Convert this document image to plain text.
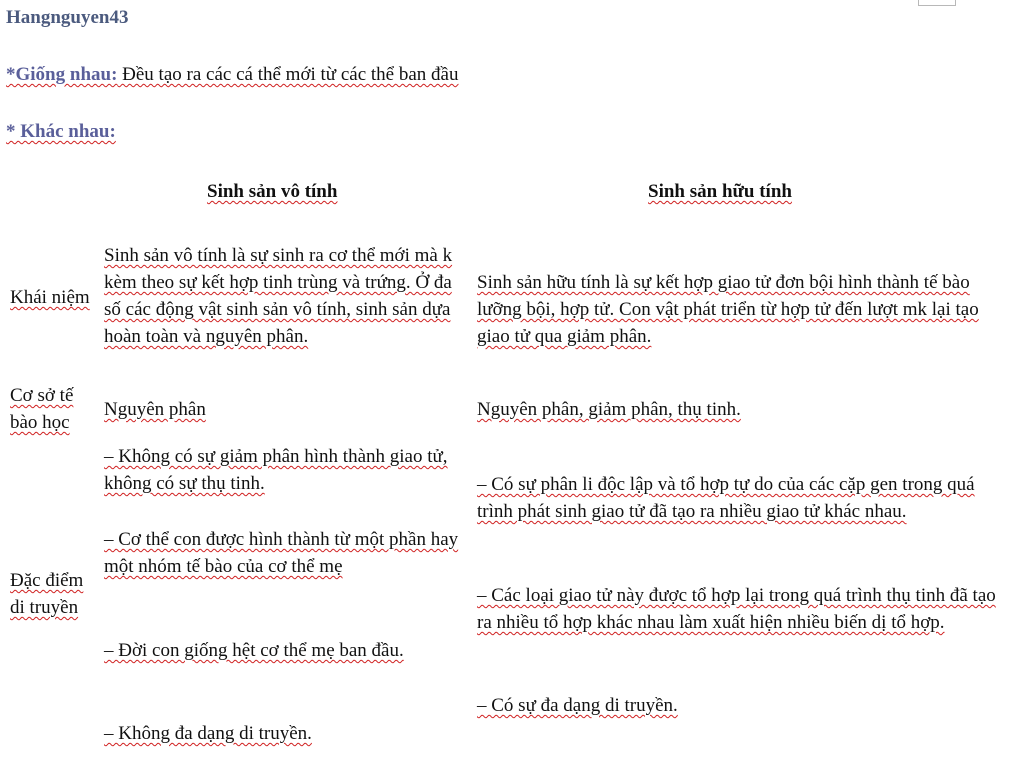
Hangnguyen43
*Giống nhau: Đều tạo ra các cá thể mới từ các thể ban đầu
* Khác nhau:
Sinh sản vô tính	Sinh sản hữu tính
Khái niệm
Sinh sản vô tính là sự sinh ra cơ thể mới mà k kèm theo sự kết hợp tinh trùng và trứng. Ở đa số các động vật sinh sản vô tính, sinh sản dựa hoàn toàn và nguyên phân.
Sinh sản hữu tính là sự kết hợp giao tử đơn bội hình thành tế bào lưỡng bội, hợp tử. Con vật phát triển từ hợp tử đến lượt mk lại tạo giao tử qua giảm phân.
Cơ sở tế bào học
Nguyên phân	Nguyên phân, giảm phân, thụ tinh.
Đặc điểm di truyền
– Không có sự giảm phân hình thành giao tử, không có sự thụ tinh.
– Cơ thể con được hình thành từ một phần hay một nhóm tế bào của cơ thể mẹ
– Đời con giống hệt cơ thể mẹ ban đầu.
– Không đa dạng di truyền.
– Có sự phân li độc lập và tổ hợp tự do của các cặp gen trong quá trình phát sinh giao tử đã tạo ra nhiều giao tử khác nhau.
– Các loại giao tử này được tổ hợp lại trong quá trình thụ tinh đã tạo ra nhiều tổ hợp khác nhau làm xuất hiện nhiều biến dị tổ hợp.
– Có sự đa dạng di truyền.
